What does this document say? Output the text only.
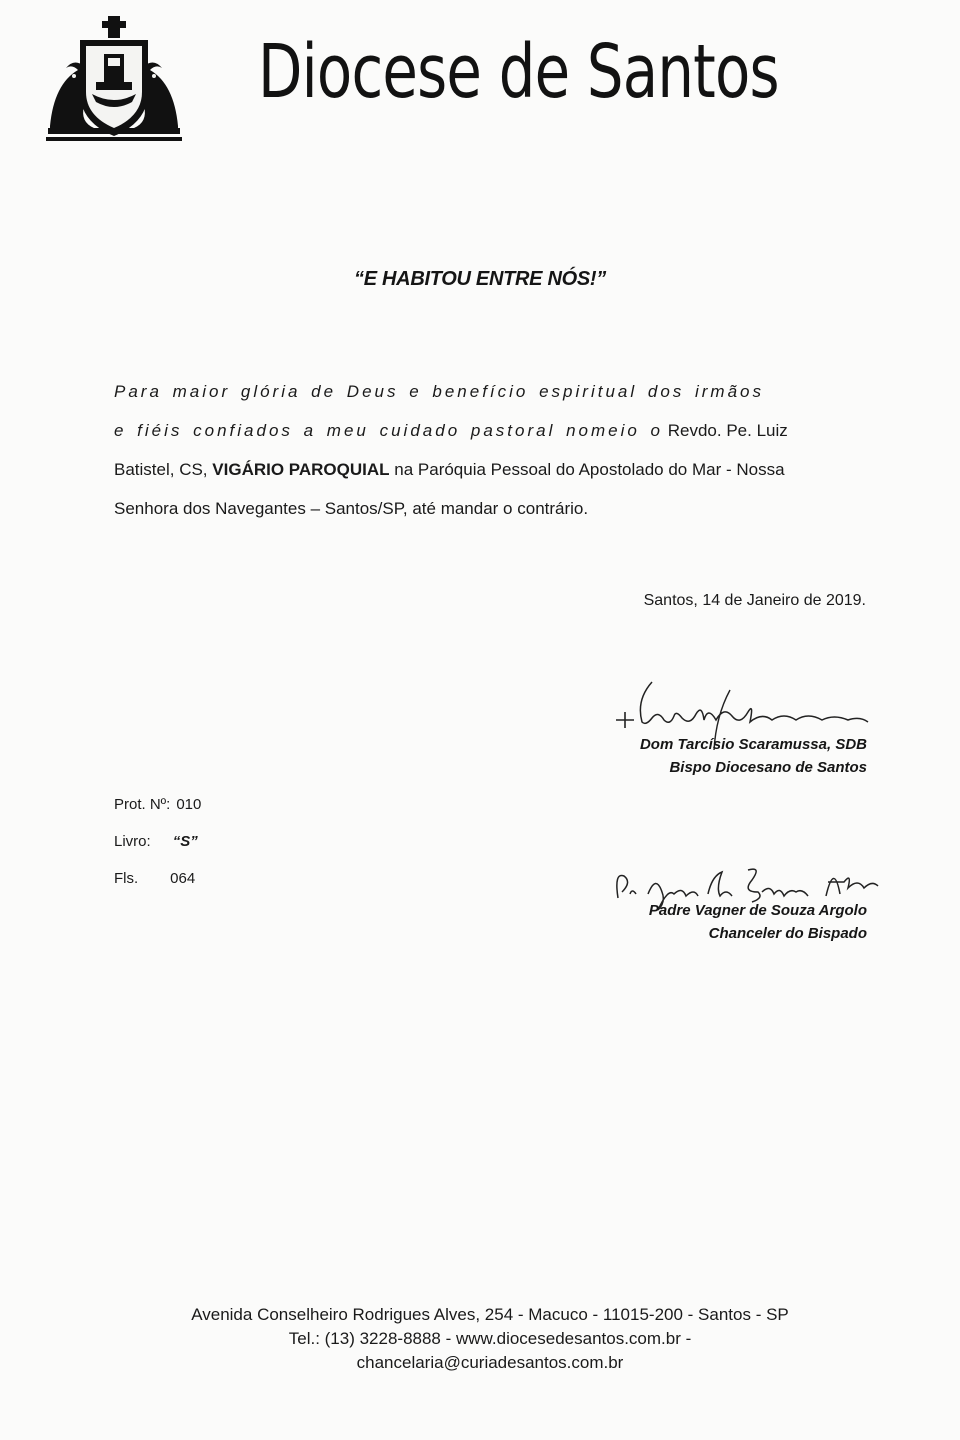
Diocese de Santos
“E HABITOU ENTRE NÓS!”
Para maior glória de Deus e benefício espiritual dos irmãos
e fiéis confiados a meu cuidado pastoral nomeio o Revdo. Pe. Luiz
Batistel, CS, VIGÁRIO PAROQUIAL na Paróquia Pessoal do Apostolado do Mar - Nossa
Senhora dos Navegantes – Santos/SP, até mandar o contrário.
Santos, 14 de Janeiro de 2019.
Dom Tarcísio Scaramussa, SDB
Bispo Diocesano de Santos
Prot. Nº: 010
Livro: “S”
Fls. 064
Padre Vagner de Souza Argolo
Chanceler do Bispado
Avenida Conselheiro Rodrigues Alves, 254 - Macuco - 11015-200 - Santos - SP
Tel.: (13) 3228-8888 - www.diocesedesantos.com.br -
chancelaria@curiadesantos.com.br
